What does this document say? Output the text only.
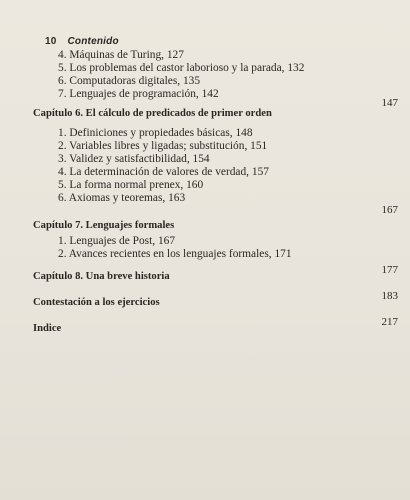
10 Contenido
4. Máquinas de Turing, 127
5. Los problemas del castor laborioso y la parada, 132
6. Computadoras digitales, 135
7. Lenguajes de programación, 142
Capítulo 6. El cálculo de predicados de primer orden
147
1. Definiciones y propiedades básicas, 148
2. Variables libres y ligadas; substitución, 151
3. Validez y satisfactibilidad, 154
4. La determinación de valores de verdad, 157
5. La forma normal prenex, 160
6. Axiomas y teoremas, 163
Capítulo 7. Lenguajes formales
167
1. Lenguajes de Post, 167
2. Avances recientes en los lenguajes formales, 171
Capítulo 8. Una breve historia
177
Contestación a los ejercicios
183
Indice
217
